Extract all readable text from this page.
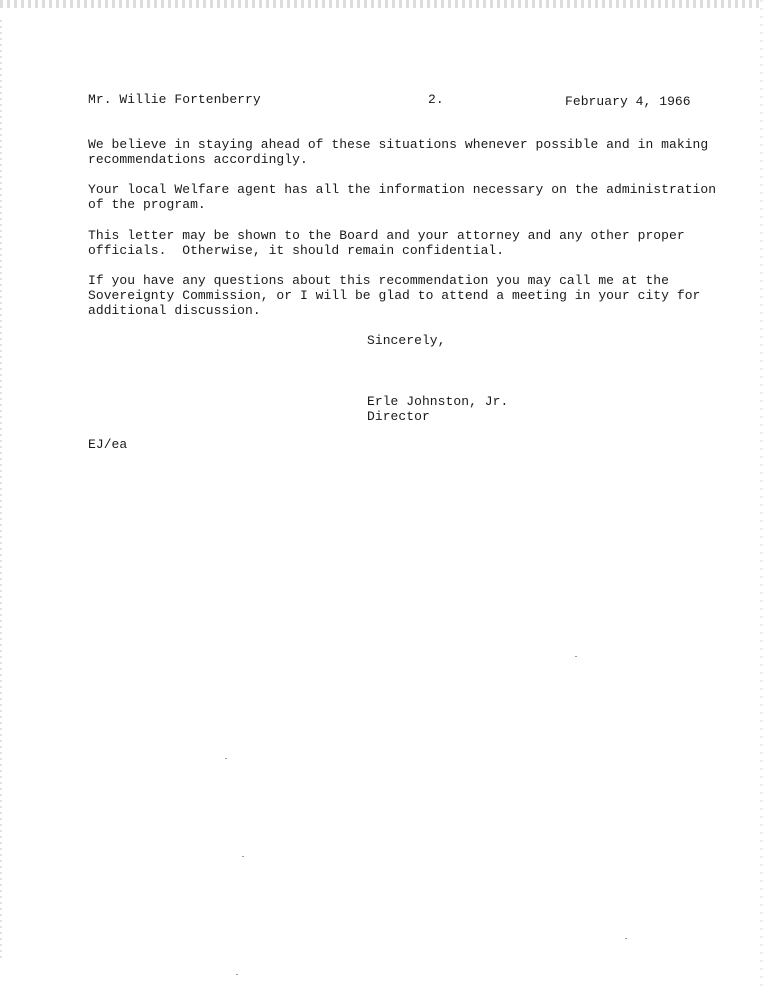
Mr. Willie Fortenberry	2.	February 4, 1966
We believe in staying ahead of these situations whenever possible and in making
recommendations accordingly.
Your local Welfare agent has all the information necessary on the administration
of the program.
This letter may be shown to the Board and your attorney and any other proper
officials.  Otherwise, it should remain confidential.
If you have any questions about this recommendation you may call me at the
Sovereignty Commission, or I will be glad to attend a meeting in your city for
additional discussion.
Sincerely,
Erle Johnston, Jr.
Director
EJ/ea
